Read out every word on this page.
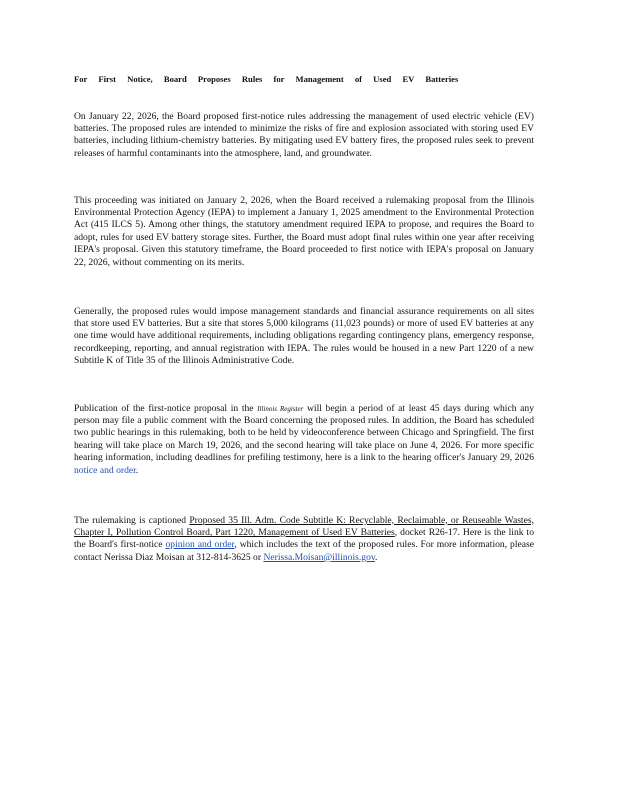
For First Notice, Board Proposes Rules for Management of Used EV Batteries

On January 22, 2026, the Board proposed first-notice rules addressing the management of used electric vehicle (EV) batteries. The proposed rules are intended to minimize the risks of fire and explosion associated with storing used EV batteries, including lithium-chemistry batteries. By mitigating used EV battery fires, the proposed rules seek to prevent releases of harmful contaminants into the atmosphere, land, and groundwater.

This proceeding was initiated on January 2, 2026, when the Board received a rulemaking proposal from the Illinois Environmental Protection Agency (IEPA) to implement a January 1, 2025 amendment to the Environmental Protection Act (415 ILCS 5). Among other things, the statutory amendment required IEPA to propose, and requires the Board to adopt, rules for used EV battery storage sites. Further, the Board must adopt final rules within one year after receiving IEPA's proposal. Given this statutory timeframe, the Board proceeded to first notice with IEPA's proposal on January 22, 2026, without commenting on its merits.

Generally, the proposed rules would impose management standards and financial assurance requirements on all sites that store used EV batteries. But a site that stores 5,000 kilograms (11,023 pounds) or more of used EV batteries at any one time would have additional requirements, including obligations regarding contingency plans, emergency response, recordkeeping, reporting, and annual registration with IEPA. The rules would be housed in a new Part 1220 of a new Subtitle K of Title 35 of the Illinois Administrative Code.

Publication of the first-notice proposal in the Illinois Register will begin a period of at least 45 days during which any person may file a public comment with the Board concerning the proposed rules. In addition, the Board has scheduled two public hearings in this rulemaking, both to be held by videoconference between Chicago and Springfield. The first hearing will take place on March 19, 2026, and the second hearing will take place on June 4, 2026. For more specific hearing information, including deadlines for prefiling testimony, here is a link to the hearing officer's January 29, 2026 notice and order.

The rulemaking is captioned Proposed 35 Ill. Adm. Code Subtitle K: Recyclable, Reclaimable, or Reuseable Wastes, Chapter I, Pollution Control Board, Part 1220, Management of Used EV Batteries, docket R26-17. Here is the link to the Board's first-notice opinion and order, which includes the text of the proposed rules. For more information, please contact Nerissa Diaz Moisan at 312-814-3625 or Nerissa.Moisan@illinois.gov.
